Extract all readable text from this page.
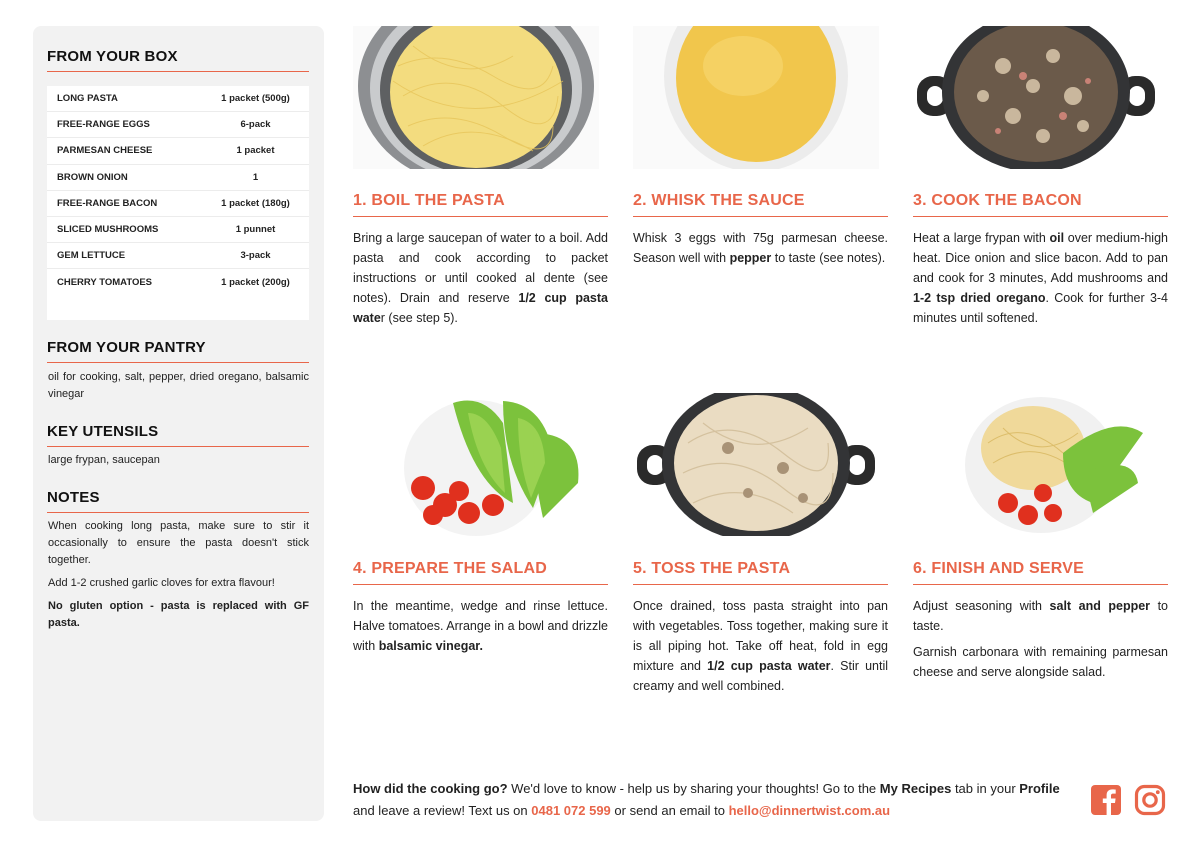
FROM YOUR BOX
LONG PASTA	1 packet (500g)
FREE-RANGE EGGS	6-pack
PARMESAN CHEESE	1 packet
BROWN ONION	1
FREE-RANGE BACON	1 packet (180g)
SLICED MUSHROOMS	1 punnet
GEM LETTUCE	3-pack
CHERRY TOMATOES	1 packet (200g)
FROM YOUR PANTRY
oil for cooking, salt, pepper, dried oregano, balsamic vinegar
KEY UTENSILS
large frypan, saucepan
NOTES

When cooking long pasta, make sure to stir it occasionally to ensure the pasta doesn't stick together.

Add 1-2 crushed garlic cloves for extra flavour!

No gluten option - pasta is replaced with GF pasta.

1. BOIL THE PASTA

Bring a large saucepan of water to a boil. Add pasta and cook according to packet instructions or until cooked al dente (see notes). Drain and reserve 1/2 cup pasta water (see step 5).

2. WHISK THE SAUCE

Whisk 3 eggs with 75g parmesan cheese. Season well with pepper to taste (see notes).

3. COOK THE BACON

Heat a large frypan with oil over medium-high heat. Dice onion and slice bacon. Add to pan and cook for 3 minutes, Add mushrooms and 1-2 tsp dried oregano. Cook for further 3-4 minutes until softened.

4. PREPARE THE SALAD

In the meantime, wedge and rinse lettuce. Halve tomatoes. Arrange in a bowl and drizzle with balsamic vinegar.

5. TOSS THE PASTA

Once drained, toss pasta straight into pan with vegetables. Toss together, making sure it is all piping hot. Take off heat, fold in egg mixture and 1/2 cup pasta water. Stir until creamy and well combined.

6. FINISH AND SERVE

Adjust seasoning with salt and pepper to taste.

Garnish carbonara with remaining parmesan cheese and serve alongside salad.

How did the cooking go? We'd love to know - help us by sharing your thoughts! Go to the My Recipes tab in your Profile and leave a review! Text us on 0481 072 599 or send an email to hello@dinnertwist.com.au
